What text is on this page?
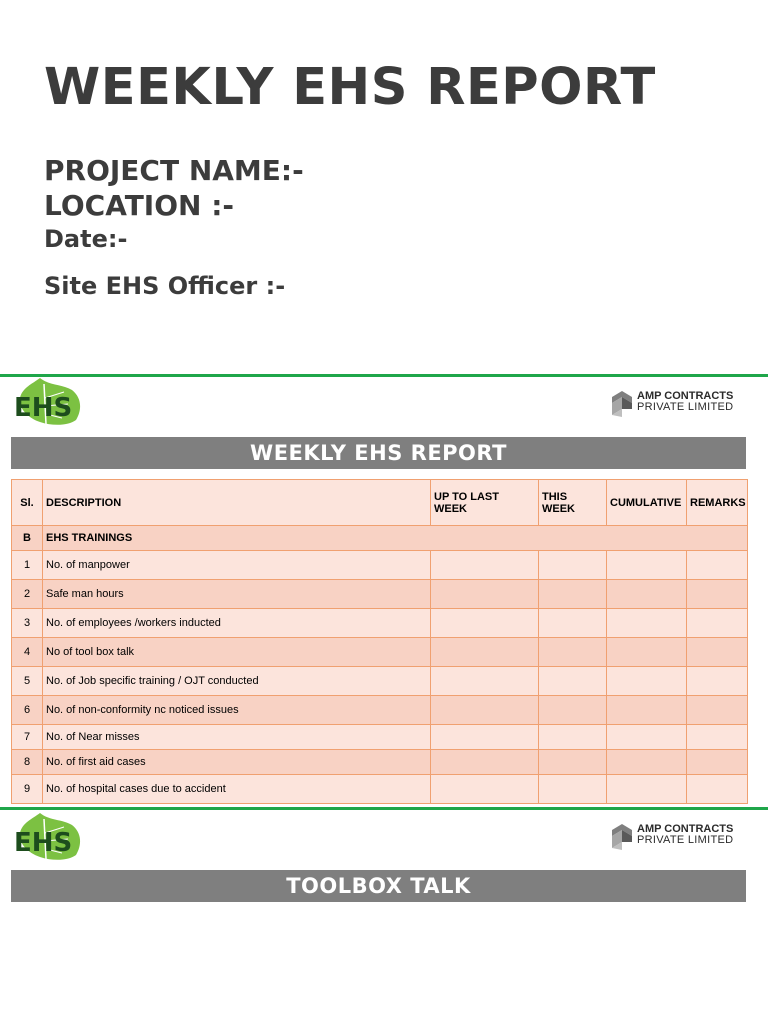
WEEKLY EHS REPORT
PROJECT NAME:-
LOCATION :-
Date:-
Site EHS Officer :-
EHS	AMP CONTRACTS
PRIVATE LIMITED
WEEKLY EHS REPORT
Sl.	DESCRIPTION	UP TO LAST WEEK	THIS WEEK	CUMULATIVE	REMARKS
B	EHS TRAININGS				
1	No. of manpower				
2	Safe man hours				
3	No. of employees /workers inducted				
4	No of tool box talk				
5	No. of Job specific training / OJT conducted				
6	No. of non-conformity nc noticed issues				
7	No. of Near misses				
8	No. of first aid cases				
9	No. of hospital cases due to accident				
EHS	AMP CONTRACTS
PRIVATE LIMITED
TOOLBOX TALK
